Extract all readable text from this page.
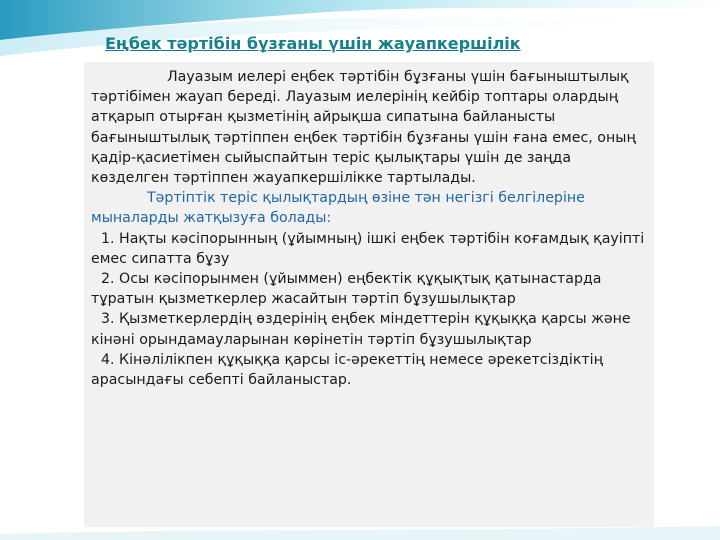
Еңбек тәртібін бұзғаны үшін жауапкершілік

Лауазым иелері еңбек тәртібін бұзғаны үшін бағыныштылық тәртібімен жауап береді. Лауазым иелерінің кейбір топтары олардың атқарып отырған қызметінің айрықша сипатына байланысты бағыныштылық тәртіппен еңбек тәртібін бұзғаны үшін ғана емес, оның қадір-қасиетімен сыйыспайтын теріс қылықтары үшін де заңда көзделген тәртіппен жауапкершілікке тартылады.

Тәртіптік теріс қылықтардың өзіне тән негізгі белгілеріне мыналарды жатқызуға болады:

1. Нақты кәсіпорынның (ұйымның) ішкі еңбек тәртібін коғамдық қауіпті емес сипатта бұзу

2. Осы кәсіпорынмен (ұйыммен) еңбектік құқықтық қатынастарда тұратын қызметкерлер жасайтын тәртіп бұзушылықтар

3. Қызметкерлердің өздерінің еңбек міндеттерін құқыққа қарсы және кінәні орындамауларынан көрінетін тәртіп бұзушылықтар

4. Кінәлілікпен құқыққа қарсы іс-әрекеттің немесе әрекетсіздіктің арасындағы себепті байланыстар.
